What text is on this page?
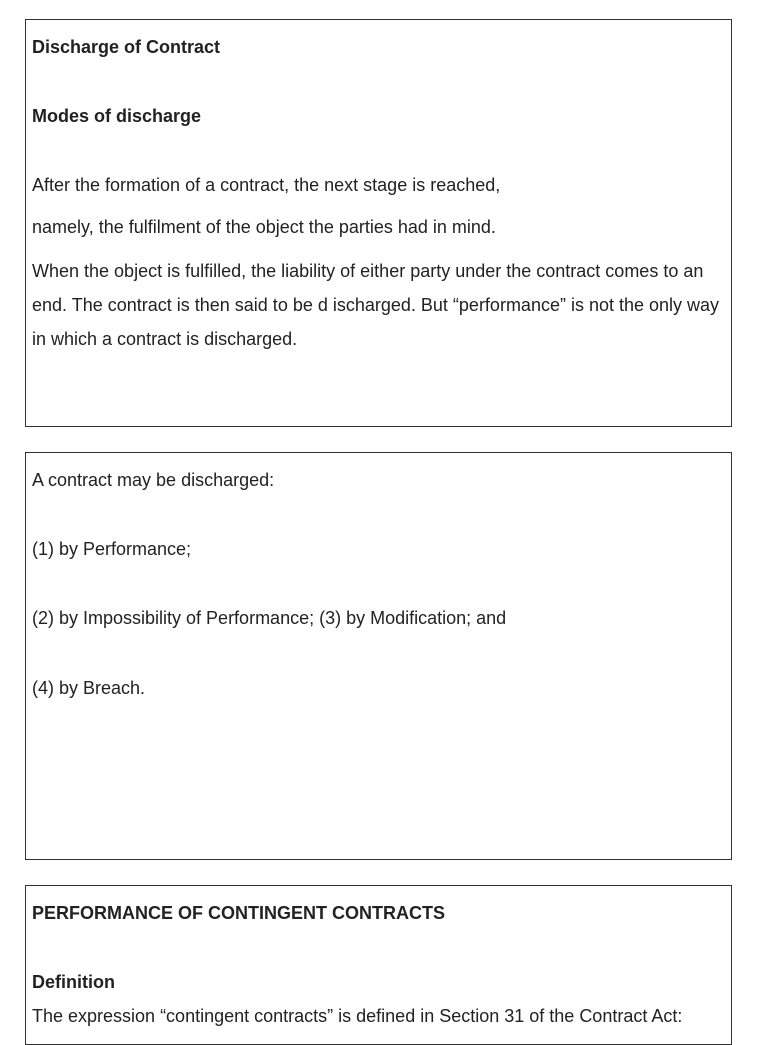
Discharge of Contract
Modes of discharge
After the formation of a contract, the next stage is reached,
namely, the fulfilment of the object the parties had in mind.
When the object is fulfilled, the liability of either party under the contract comes to an end. The contract is then said to be d ischarged. But “performance” is not the only way in which a contract is discharged.
A contract may be discharged:
(1) by Performance;
(2) by Impossibility of Performance; (3) by Modification; and
(4) by Breach.
PERFORMANCE OF CONTINGENT CONTRACTS
Definition
The expression “contingent contracts” is defined in Section 31 of the Contract Act:
